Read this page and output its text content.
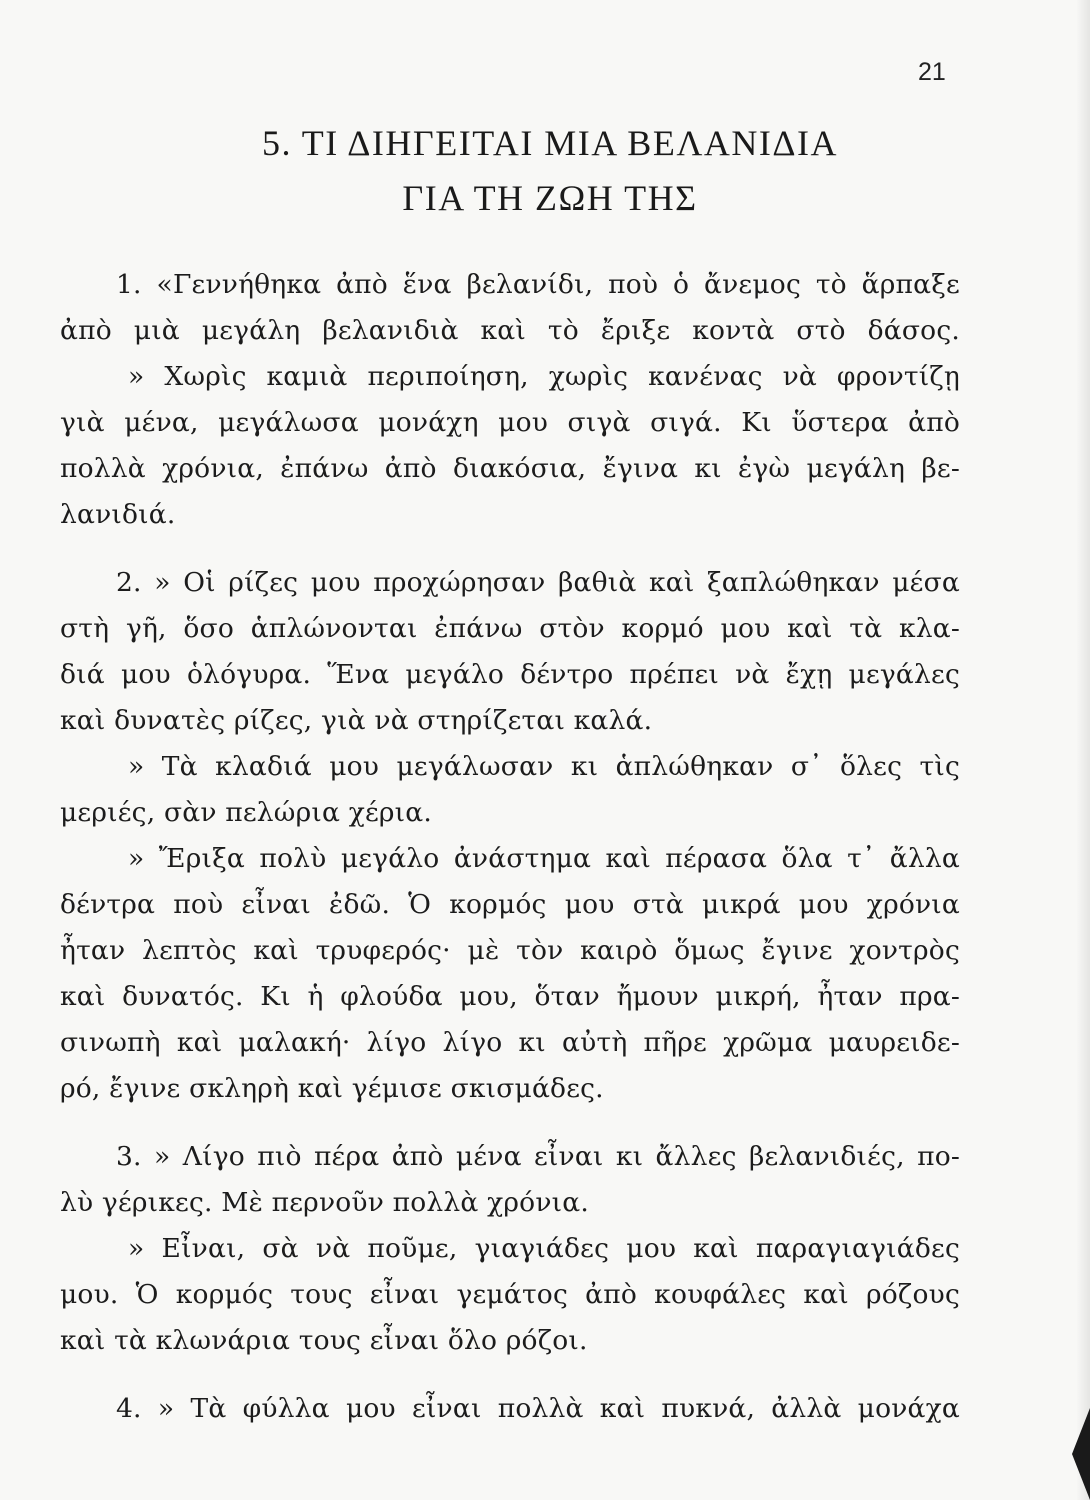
21
5. ΤΙ ΔΙΗΓΕΙΤΑΙ ΜΙΑ ΒΕΛΑΝΙΔΙΑ
ΓΙΑ ΤΗ ΖΩΗ ΤΗΣ
1. «Γεννήθηκα ἀπὸ ἕνα βελανίδι, ποὺ ὁ ἄνεμος τὸ ἅρπαξε
ἀπὸ μιὰ μεγάλη βελανιδιὰ καὶ τὸ ἔριξε κοντὰ στὸ δάσος.
» Χωρὶς καμιὰ περιποίηση, χωρὶς κανένας νὰ φροντίζῃ
γιὰ μένα, μεγάλωσα μονάχη μου σιγὰ σιγά. Κι ὕστερα ἀπὸ
πολλὰ χρόνια, ἐπάνω ἀπὸ διακόσια, ἔγινα κι ἐγὼ μεγάλη βε-
λανιδιά.
2. » Οἱ ρίζες μου προχώρησαν βαθιὰ καὶ ξαπλώθηκαν μέσα
στὴ γῆ, ὅσο ἁπλώνονται ἐπάνω στὸν κορμό μου καὶ τὰ κλα-
διά μου ὁλόγυρα. Ἕνα μεγάλο δέντρο πρέπει νὰ ἔχῃ μεγάλες
καὶ δυνατὲς ρίζες, γιὰ νὰ στηρίζεται καλά.
» Τὰ κλαδιά μου μεγάλωσαν κι ἁπλώθηκαν σ᾽ ὅλες τὶς
μεριές, σὰν πελώρια χέρια.
» Ἔριξα πολὺ μεγάλο ἀνάστημα καὶ πέρασα ὅλα τ᾽ ἄλλα
δέντρα ποὺ εἶναι ἐδῶ. Ὁ κορμός μου στὰ μικρά μου χρόνια
ἦταν λεπτὸς καὶ τρυφερός· μὲ τὸν καιρὸ ὅμως ἔγινε χοντρὸς
καὶ δυνατός. Κι ἡ φλούδα μου, ὅταν ἤμουν μικρή, ἦταν πρα-
σινωπὴ καὶ μαλακή· λίγο λίγο κι αὐτὴ πῆρε χρῶμα μαυρειδε-
ρό, ἔγινε σκληρὴ καὶ γέμισε σκισμάδες.
3. » Λίγο πιὸ πέρα ἀπὸ μένα εἶναι κι ἄλλες βελανιδιές, πο-
λὺ γέρικες. Μὲ περνοῦν πολλὰ χρόνια.
» Εἶναι, σὰ νὰ ποῦμε, γιαγιάδες μου καὶ παραγιαγιάδες
μου. Ὁ κορμός τους εἶναι γεμάτος ἀπὸ κουφάλες καὶ ρόζους
καὶ τὰ κλωνάρια τους εἶναι ὅλο ρόζοι.
4. » Τὰ φύλλα μου εἶναι πολλὰ καὶ πυκνά, ἀλλὰ μονάχα
